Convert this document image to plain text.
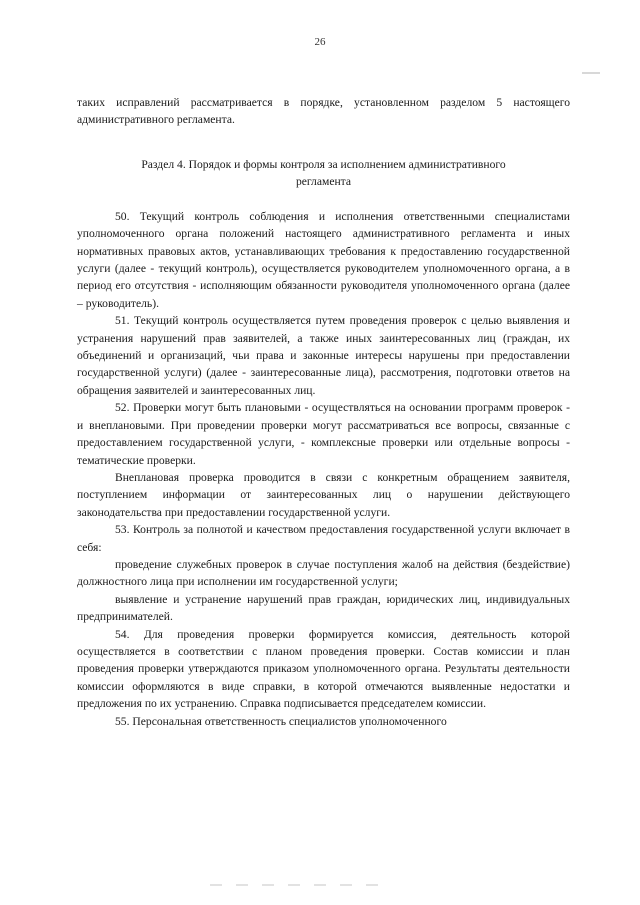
26

таких исправлений рассматривается в порядке, установленном разделом 5 настоящего административного регламента.

Раздел 4. Порядок и формы контроля за исполнением административного регламента

50. Текущий контроль соблюдения и исполнения ответственными специалистами уполномоченного органа положений настоящего административного регламента и иных нормативных правовых актов, устанавливающих требования к предоставлению государственной услуги (далее - текущий контроль), осуществляется руководителем уполномоченного органа, а в период его отсутствия - исполняющим обязанности руководителя уполномоченного органа (далее – руководитель).

51. Текущий контроль осуществляется путем проведения проверок с целью выявления и устранения нарушений прав заявителей, а также иных заинтересованных лиц (граждан, их объединений и организаций, чьи права и законные интересы нарушены при предоставлении государственной услуги) (далее - заинтересованные лица), рассмотрения, подготовки ответов на обращения заявителей и заинтересованных лиц.

52. Проверки могут быть плановыми - осуществляться на основании программ проверок - и внеплановыми. При проведении проверки могут рассматриваться все вопросы, связанные с предоставлением государственной услуги, - комплексные проверки или отдельные вопросы - тематические проверки.

Внеплановая проверка проводится в связи с конкретным обращением заявителя, поступлением информации от заинтересованных лиц о нарушении действующего законодательства при предоставлении государственной услуги.

53. Контроль за полнотой и качеством предоставления государственной услуги включает в себя:

проведение служебных проверок в случае поступления жалоб на действия (бездействие) должностного лица при исполнении им государственной услуги;

выявление и устранение нарушений прав граждан, юридических лиц, индивидуальных предпринимателей.

54. Для проведения проверки формируется комиссия, деятельность которой осуществляется в соответствии с планом проведения проверки. Состав комиссии и план проведения проверки утверждаются приказом уполномоченного органа. Результаты деятельности комиссии оформляются в виде справки, в которой отмечаются выявленные недостатки и предложения по их устранению. Справка подписывается председателем комиссии.

55. Персональная ответственность специалистов уполномоченного
